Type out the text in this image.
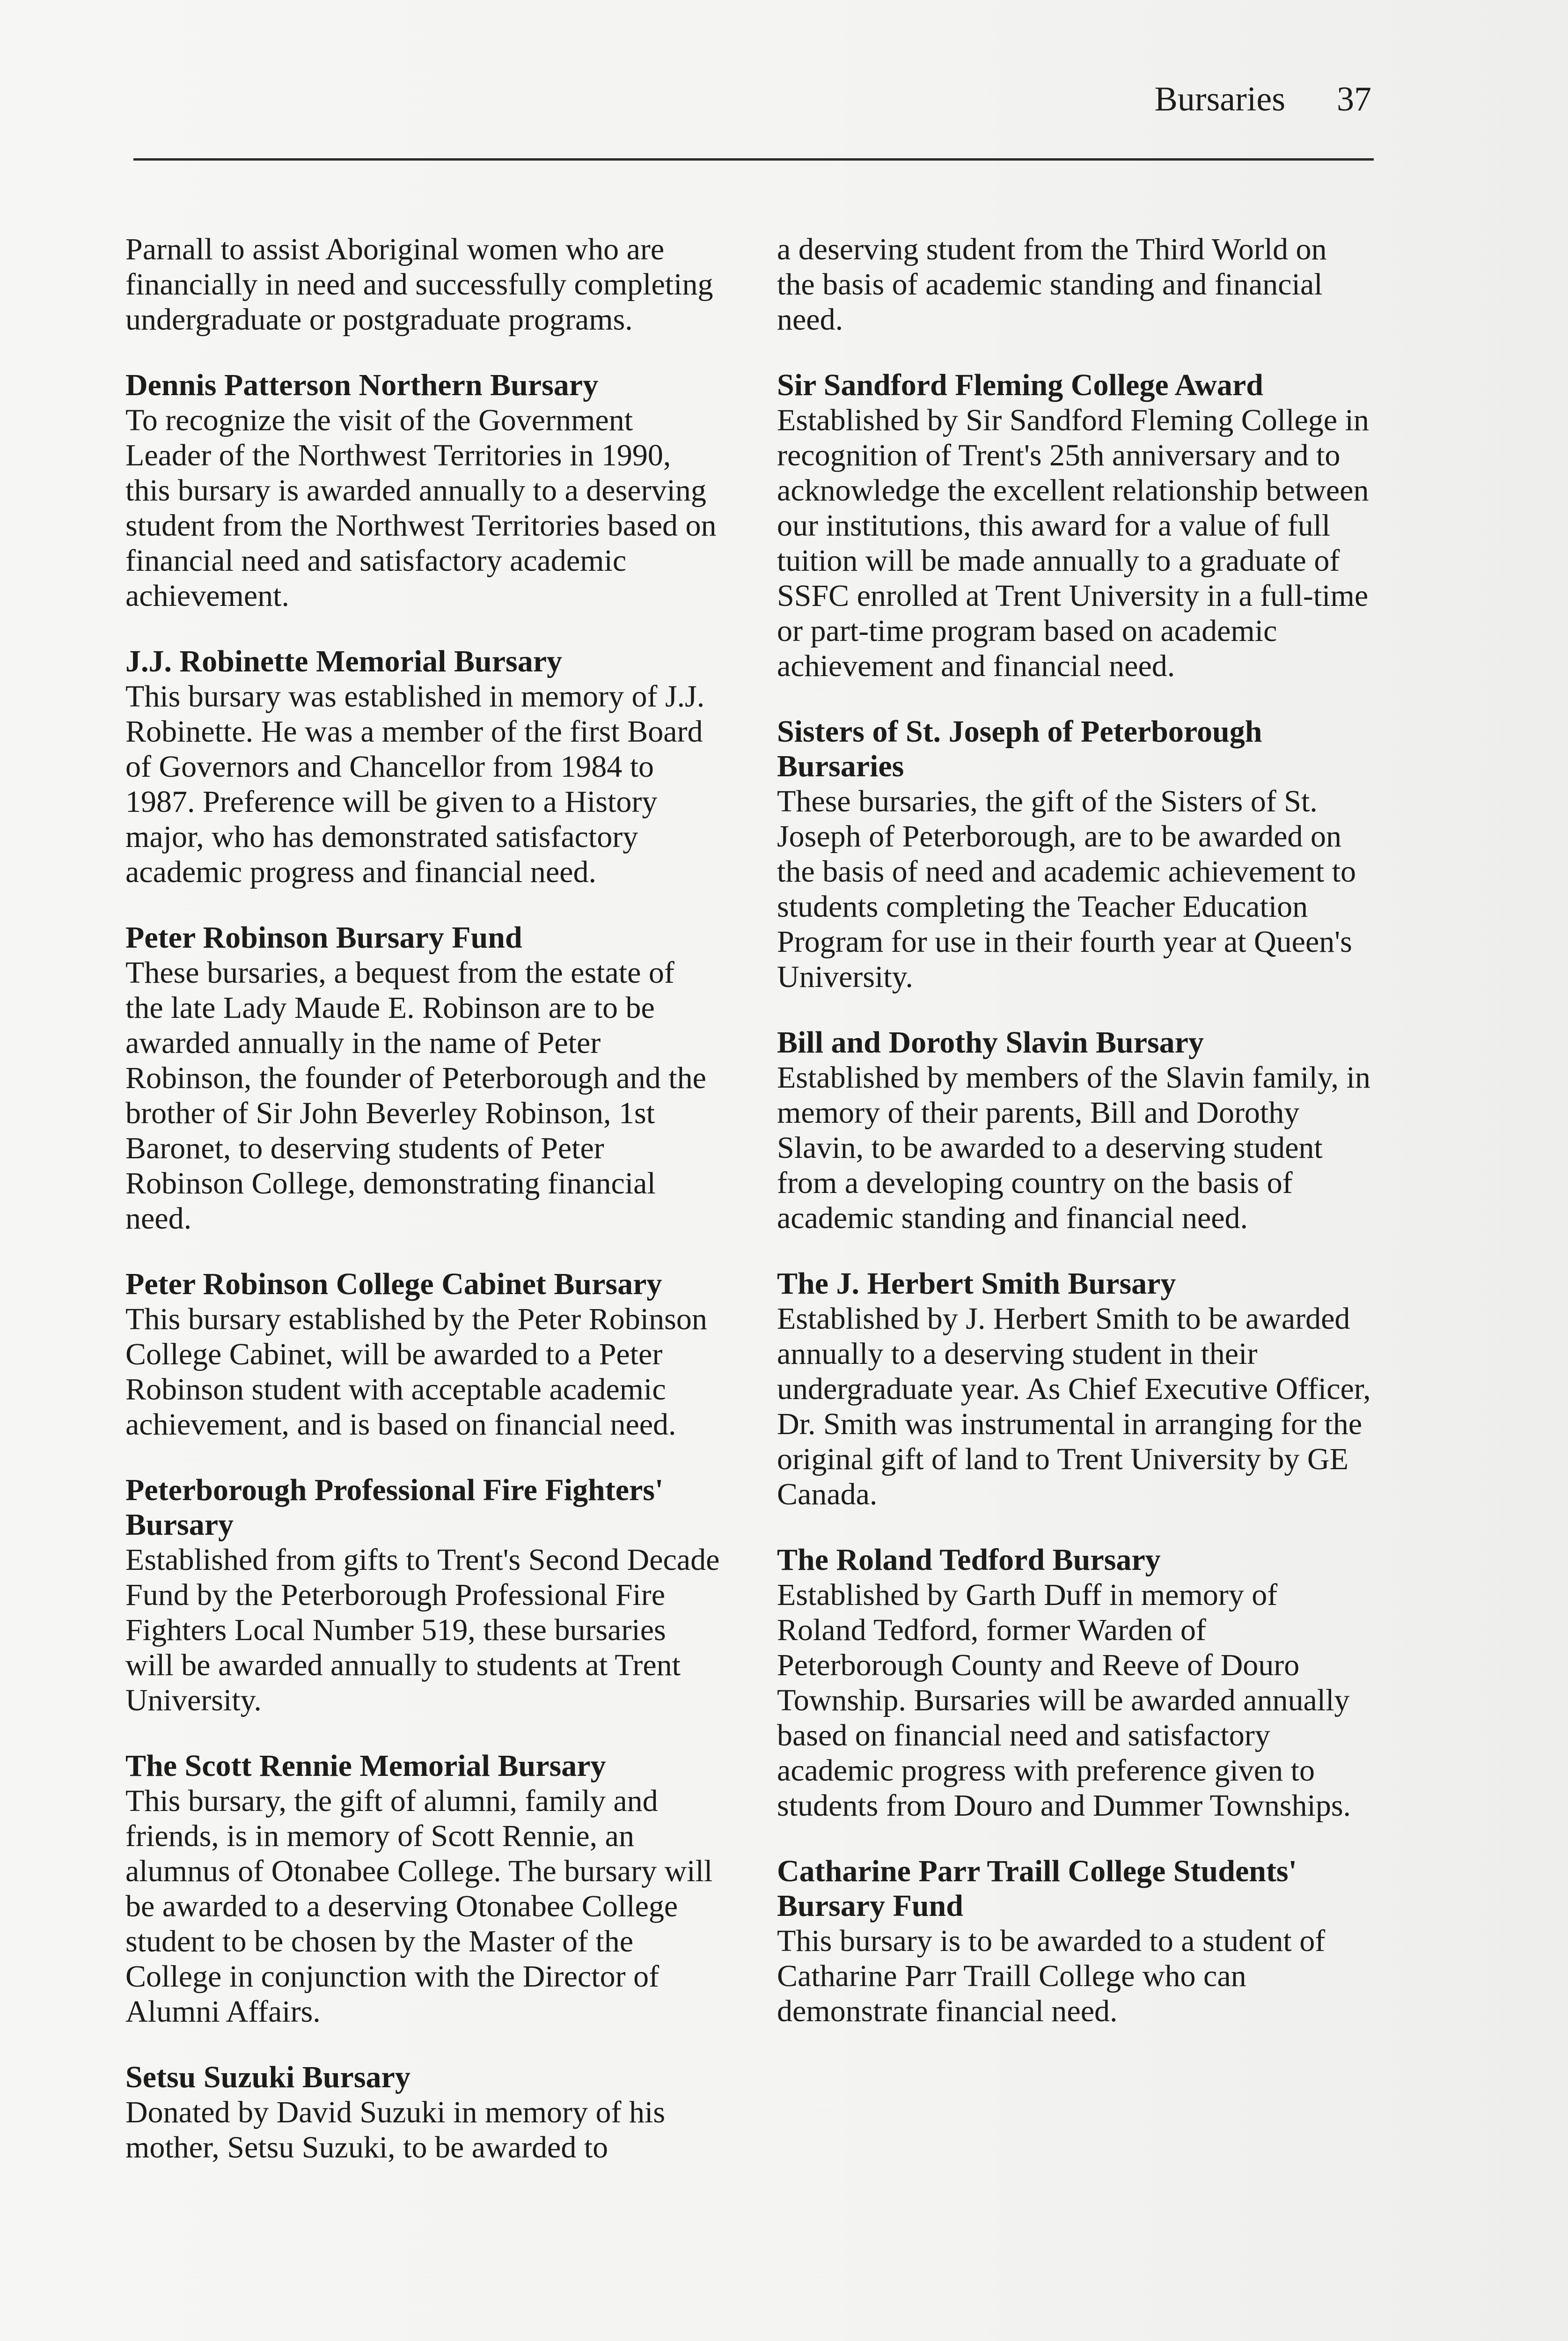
Bursaries 37

Parnall to assist Aboriginal women who are financially in need and successfully completing undergraduate or postgraduate programs.

Dennis Patterson Northern Bursary

To recognize the visit of the Government Leader of the Northwest Territories in 1990, this bursary is awarded annually to a deserving student from the Northwest Territories based on financial need and satisfactory academic achievement.

J.J. Robinette Memorial Bursary

This bursary was established in memory of J.J. Robinette. He was a member of the first Board of Governors and Chancellor from 1984 to 1987. Preference will be given to a History major, who has demonstrated satisfactory academic progress and financial need.

Peter Robinson Bursary Fund

These bursaries, a bequest from the estate of the late Lady Maude E. Robinson are to be awarded annually in the name of Peter Robinson, the founder of Peterborough and the brother of Sir John Beverley Robinson, 1st Baronet, to deserving students of Peter Robinson College, demonstrating financial need.

Peter Robinson College Cabinet Bursary

This bursary established by the Peter Robinson College Cabinet, will be awarded to a Peter Robinson student with acceptable academic achievement, and is based on financial need.

Peterborough Professional Fire Fighters' Bursary

Established from gifts to Trent's Second Decade Fund by the Peterborough Professional Fire Fighters Local Number 519, these bursaries will be awarded annually to students at Trent University.

The Scott Rennie Memorial Bursary

This bursary, the gift of alumni, family and friends, is in memory of Scott Rennie, an alumnus of Otonabee College. The bursary will be awarded to a deserving Otonabee College student to be chosen by the Master of the College in conjunction with the Director of Alumni Affairs.

Setsu Suzuki Bursary

Donated by David Suzuki in memory of his mother, Setsu Suzuki, to be awarded to

a deserving student from the Third World on the basis of academic standing and financial need.

Sir Sandford Fleming College Award

Established by Sir Sandford Fleming College in recognition of Trent's 25th anniversary and to acknowledge the excellent relationship between our institutions, this award for a value of full tuition will be made annually to a graduate of SSFC enrolled at Trent University in a full-time or part-time program based on academic achievement and financial need.

Sisters of St. Joseph of Peterborough Bursaries

These bursaries, the gift of the Sisters of St. Joseph of Peterborough, are to be awarded on the basis of need and academic achievement to students completing the Teacher Education Program for use in their fourth year at Queen's University.

Bill and Dorothy Slavin Bursary

Established by members of the Slavin family, in memory of their parents, Bill and Dorothy Slavin, to be awarded to a deserving student from a developing country on the basis of academic standing and financial need.

The J. Herbert Smith Bursary

Established by J. Herbert Smith to be awarded annually to a deserving student in their undergraduate year. As Chief Executive Officer, Dr. Smith was instrumental in arranging for the original gift of land to Trent University by GE Canada.

The Roland Tedford Bursary

Established by Garth Duff in memory of Roland Tedford, former Warden of Peterborough County and Reeve of Douro Township. Bursaries will be awarded annually based on financial need and satisfactory academic progress with preference given to students from Douro and Dummer Townships.

Catharine Parr Traill College Students' Bursary Fund

This bursary is to be awarded to a student of Catharine Parr Traill College who can demonstrate financial need.
